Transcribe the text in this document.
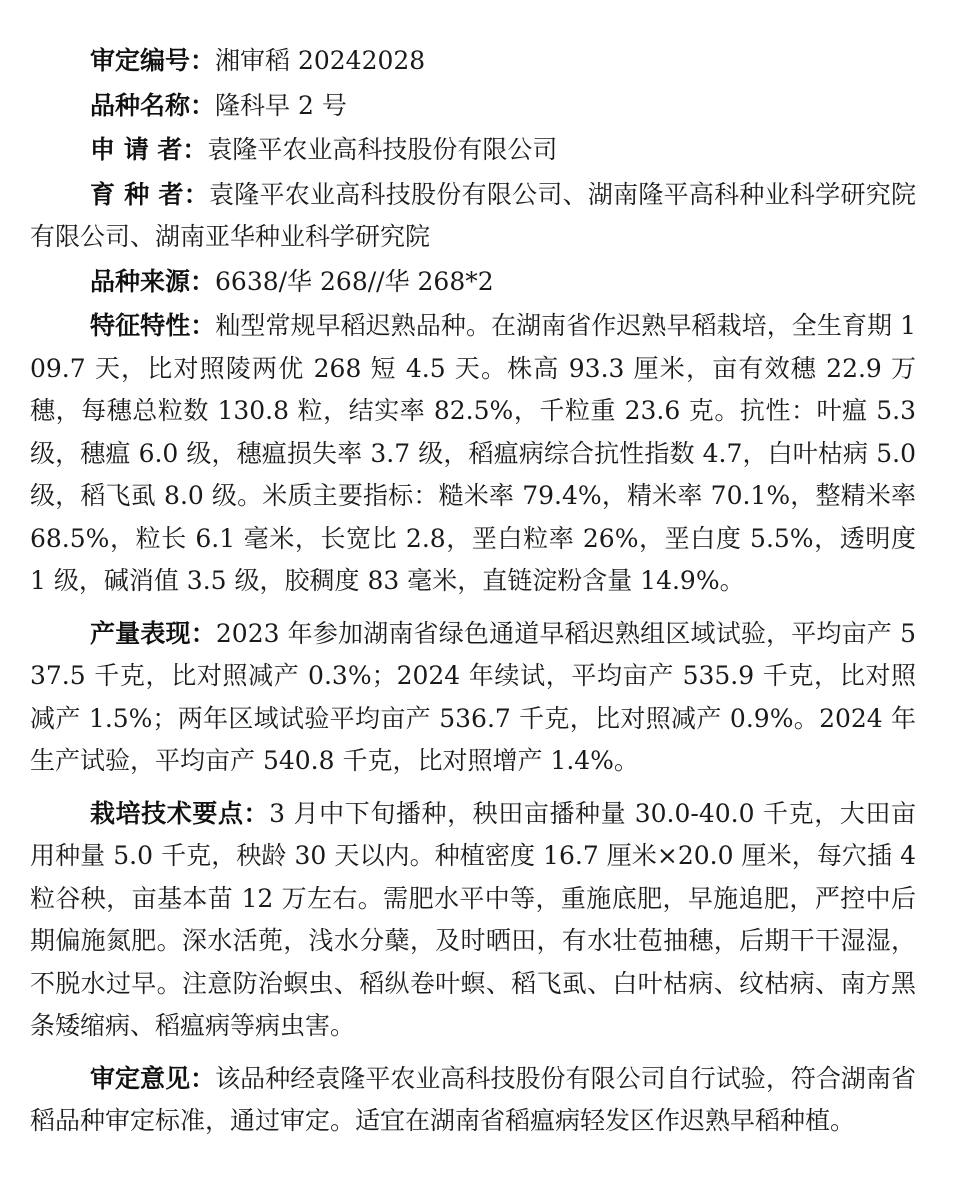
审定编号：湘审稻 20242028

品种名称：隆科早 2 号

申 请 者：袁隆平农业高科技股份有限公司

育 种 者：袁隆平农业高科技股份有限公司、湖南隆平高科种业科学研究院有限公司、湖南亚华种业科学研究院

品种来源：6638/华 268//华 268*2

特征特性：籼型常规早稻迟熟品种。在湖南省作迟熟早稻栽培，全生育期 109.7 天，比对照陵两优 268 短 4.5 天。株高 93.3 厘米，亩有效穗 22.9 万穗，每穗总粒数 130.8 粒，结实率 82.5%，千粒重 23.6 克。抗性：叶瘟 5.3 级，穗瘟 6.0 级，穗瘟损失率 3.7 级，稻瘟病综合抗性指数 4.7，白叶枯病 5.0 级，稻飞虱 8.0 级。米质主要指标：糙米率 79.4%，精米率 70.1%，整精米率 68.5%，粒长 6.1 毫米，长宽比 2.8，垩白粒率 26%，垩白度 5.5%，透明度 1 级，碱消值 3.5 级，胶稠度 83 毫米，直链淀粉含量 14.9%。

产量表现：2023 年参加湖南省绿色通道早稻迟熟组区域试验，平均亩产 537.5 千克，比对照减产 0.3%；2024 年续试，平均亩产 535.9 千克，比对照减产 1.5%；两年区域试验平均亩产 536.7 千克，比对照减产 0.9%。2024 年生产试验，平均亩产 540.8 千克，比对照增产 1.4%。

栽培技术要点：3 月中下旬播种，秧田亩播种量 30.0-40.0 千克，大田亩用种量 5.0 千克，秧龄 30 天以内。种植密度 16.7 厘米×20.0 厘米，每穴插 4 粒谷秧，亩基本苗 12 万左右。需肥水平中等，重施底肥，早施追肥，严控中后期偏施氮肥。深水活蔸，浅水分蘖，及时晒田，有水壮苞抽穗，后期干干湿湿，不脱水过早。注意防治螟虫、稻纵卷叶螟、稻飞虱、白叶枯病、纹枯病、南方黑条矮缩病、稻瘟病等病虫害。

审定意见：该品种经袁隆平农业高科技股份有限公司自行试验，符合湖南省稻品种审定标准，通过审定。适宜在湖南省稻瘟病轻发区作迟熟早稻种植。
